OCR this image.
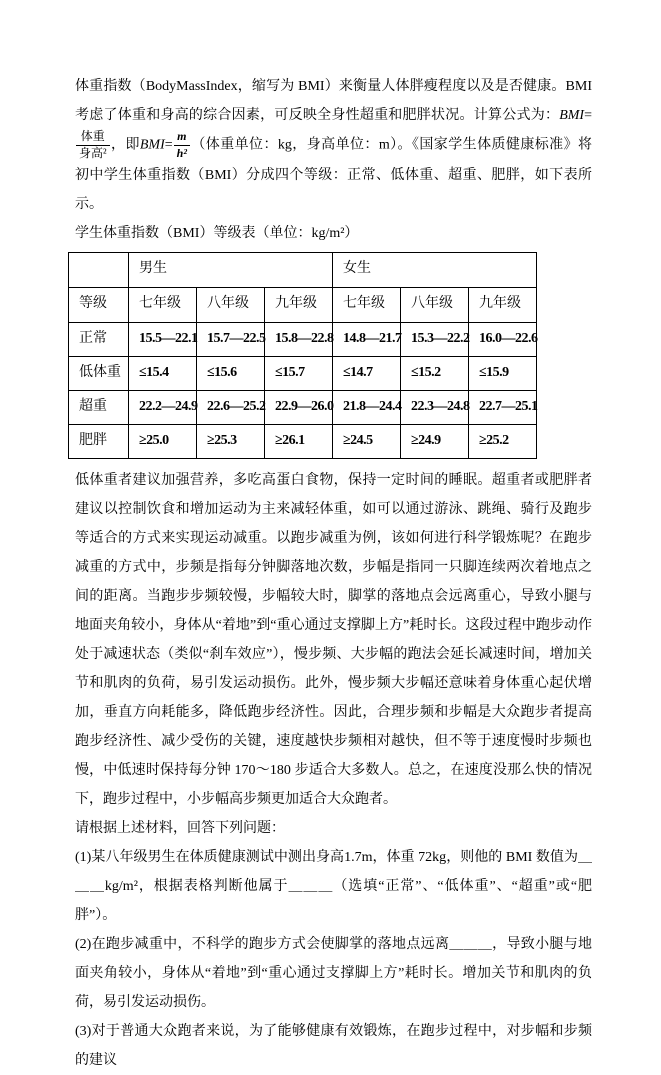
体重指数（BodyMassIndex，缩写为 BMI）来衡量人体胖瘦程度以及是否健康。BMI 考虑了体重和身高的综合因素，可反映全身性超重和肥胖状况。计算公式为：BMI=
$\frac{\text{体重}}{\text{身高²}}$ ，即$BMI= \frac{m}{\text{h²}}$ （体重单位：kg，身高单位：m）。《国家学生体质健康标准》将初中学生体重指数（BMI）分成四个等级：正常、低体重、超重、肥胖，如下表所示。

学生体重指数（BMI）等级表（单位：kg/m²）

	男生			女生		
等级	七年级	八年级	九年级	七年级	八年级	九年级
正常	15.5—22.1	15.7—22.5	15.8—22.8	14.8—21.7	15.3—22.2	16.0—22.6
低体重	≤15.4	≤15.6	≤15.7	≤14.7	≤15.2	≤15.9
超重	22.2—24.9	22.6—25.2	22.9—26.0	21.8—24.4	22.3—24.8	22.7—25.1
肥胖	≥25.0	≥25.3	≥26.1	≥24.5	≥24.9	≥25.2

低体重者建议加强营养，多吃高蛋白食物，保持一定时间的睡眠。超重者或肥胖者建议以控制饮食和增加运动为主来减轻体重，如可以通过游泳、跳绳、骑行及跑步等适合的方式来实现运动减重。以跑步减重为例，该如何进行科学锻炼呢？在跑步减重的方式中，步频是指每分钟脚落地次数，步幅是指同一只脚连续两次着地点之间的距离。当跑步步频较慢，步幅较大时，脚掌的落地点会远离重心，导致小腿与地面夹角较小，身体从“着地”到“重心通过支撑脚上方”耗时长。这段过程中跑步动作处于减速状态（类似“刹车效应”），慢步频、大步幅的跑法会延长减速时间，增加关节和肌肉的负荷，易引发运动损伤。此外，慢步频大步幅还意味着身体重心起伏增加，垂直方向耗能多，降低跑步经济性。因此，合理步频和步幅是大众跑步者提高跑步经济性、减少受伤的关键，速度越快步频相对越快，但不等于速度慢时步频也慢，中低速时保持每分钟 170～180 步适合大多数人。总之，在速度没那么快的情况下，跑步过程中，小步幅高步频更加适合大众跑者。

请根据上述材料，回答下列问题：

(1)某八年级男生在体质健康测试中测出身高1.7m，体重 72kg，则他的 BMI 数值为＿＿＿kg/m²，根据表格判断他属于＿＿＿（选填“正常”、“低体重”、“超重”或“肥胖”）。

(2)在跑步减重中，不科学的跑步方式会使脚掌的落地点远离＿＿＿，导致小腿与地面夹角较小，身体从“着地”到“重心通过支撑脚上方”耗时长。增加关节和肌肉的负荷，易引发运动损伤。

(3)对于普通大众跑者来说，为了能够健康有效锻炼，在跑步过程中，对步幅和步频的建议
